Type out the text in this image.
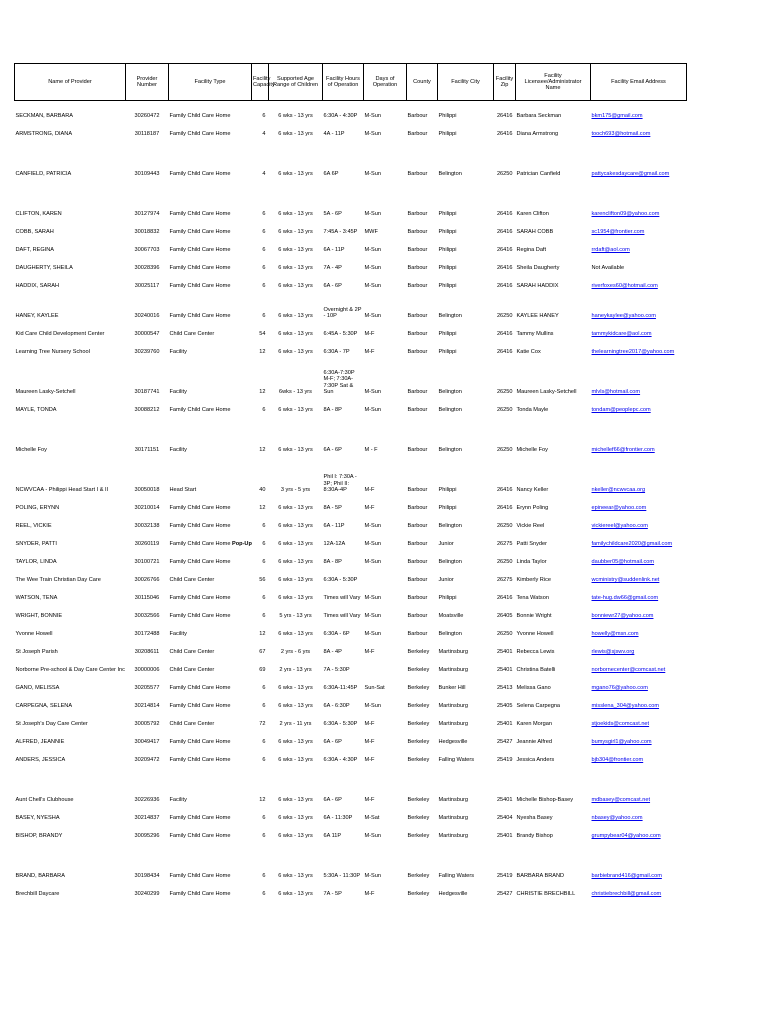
Name of Provider	Provider Number	Facility Type	Facility Capacity	Supported Age Range of Children	Facility Hours of Operation	Days of Operation	County	Facility City	Facility Zip	Facility Licensee/Administrator Name	Facility Email Address
SECKMAN, BARBARA	30260472	Family Child Care Home	6	6 wks - 13 yrs	6:30A - 4:30P	M-Sun	Barbour	Philippi	26416	Barbara Seckman	bkm175@gmail.com
ARMSTRONG, DIANA	30118187	Family Child Care Home	4	6 wks - 13 yrs	4A - 11P	M-Sun	Barbour	Philippi	26416	Diana Armstrong	tooch693@hotmail.com
CANFIELD, PATRICIA	30109443	Family Child Care Home	4	6 wks - 13 yrs	6A 6P	M-Sun	Barbour	Belington	26250	Patrician Canfield	pattycakesdaycare@gmail.com
CLIFTON, KAREN	30127974	Family Child Care Home	6	6 wks - 13 yrs	5A - 6P	M-Sun	Barbour	Philippi	26416	Karen Clifton	karenclifton09@yahoo.com
COBB, SARAH	30018832	Family Child Care Home	6	6 wks - 13 yrs	7:45A - 3:45P	MWF	Barbour	Philippi	26416	SARAH COBB	sc1954@frontier.com
DAFT, REGINA	30067703	Family Child Care Home	6	6 wks - 13 yrs	6A - 11P	M-Sun	Barbour	Philippi	26416	Regina Daft	rrdaft@aol.com
DAUGHERTY, SHEILA	30028396	Family Child Care Home	6	6 wks - 13 yrs	7A - 4P	M-Sun	Barbour	Philippi	26416	Sheila Daugherty	Not Available
HADDIX, SARAH	30025117	Family Child Care Home	6	6 wks - 13 yrs	6A - 6P	M-Sun	Barbour	Philippi	26416	SARAH HADDIX	riverfoxes60@hotmail.com
HANEY, KAYLEE	30240016	Family Child Care Home	6	6 wks - 13 yrs	Overnight & 2P - 10P	M-Sun	Barbour	Belington	26250	KAYLEE HANEY	haneykaylee@yahoo.com
Kid Care Child Development Center	30000547	Child Care Center	54	6 wks - 13 yrs	6:45A - 5:30P	M-F	Barbour	Philippi	26416	Tammy Mullins	tammykidcare@aol.com
Learning Tree Nursery School	30239760	Facility	12	6 wks - 13 yrs	6:30A - 7P	M-F	Barbour	Philippi	26416	Katie Cox	thelearningtree2017@yahoo.com
Maureen Lasky-Setchell	30187741	Facility	12	6wks - 13 yrs	6:30A-7:30P M-F; 7:30A-7:30P Sat & Sun	M-Sun	Barbour	Belington	26250	Maureen Lasky-Setchell	mlvls@hotmail.com
MAYLE, TONDA	30088212	Family Child Care Home	6	6 wks - 13 yrs	8A - 8P	M-Sun	Barbour	Belington	26250	Tonda Mayle	tondam@peoplepc.com
Michelle Foy	30171151	Facility	12	6 wks - 13 yrs	6A - 6P	M - F	Barbour	Belington	26250	Michelle Foy	michellef66@frontier.com
NCWVCAA - Philippi Head Start I & II	30050018	Head Start	40	3 yrs - 5 yrs	Phil I: 7:30A - 3P; Phil II: 8:30A-4P	M-F	Barbour	Philippi	26416	Nancy Keller	nkeller@ncwvcaa.org
POLING, ERYNN	30210014	Family Child Care Home	12	6 wks - 13 yrs	8A - 5P	M-F	Barbour	Philippi	26416	Erynn Poling	epineear@yahoo.com
REEL, VICKIE	30032138	Family Child Care Home	6	6 wks - 13 yrs	6A - 11P	M-Sun	Barbour	Belington	26250	Vickie Reel	vickiereel@yahoo.com
SNYDER, PATTI	30260119	Family Child Care Home Pop-Up	6	6 wks - 13 yrs	12A-12A	M-Sun	Barbour	Junior	26275	Patti Snyder	familychildcare2020@gmail.com
TAYLOR, LINDA	30100721	Family Child Care Home	6	6 wks - 13 yrs	8A - 8P	M-Sun	Barbour	Belington	26250	Linda Taylor	daubber05@hotmail.com
The Wee Train Christian Day Care	30026766	Child Care Center	56	6 wks - 13 yrs	6:30A - 5:30P		Barbour	Junior	26275	Kimberly Rice	wcministry@suddenlink.net
WATSON, TENA	30115046	Family Child Care Home	6	6 wks - 13 yrs	Times will Vary	M-Sun	Barbour	Philippi	26416	Tena Watson	tate-hug.dw66@gmail.com
WRIGHT, BONNIE	30032566	Family Child Care Home	6	5 yrs - 13 yrs	Times will Vary	M-Sun	Barbour	Moatsville	26405	Bonnie Wright	bonniewr27@yahoo.com
Yvonne Howell	30172488	Facility	12	6 wks - 13 yrs	6:30A - 6P	M-Sun	Barbour	Belington	26250	Yvonne Howell	howelly@msn.com
St Joseph Parish	30208611	Child Care Center	67	2 yrs - 6 yrs	8A - 4P	M-F	Berkeley	Martinsburg	25401	Rebecca Lewis	rlewis@sjswv.org
Norborne Pre-school & Day Care Center Inc	30000006	Child Care Center	69	2 yrs - 13 yrs	7A - 5:30P		Berkeley	Martinsburg	25401	Christina Batelli	norbornecenter@comcast.net
GANO, MELISSA	30205577	Family Child Care Home	6	6 wks - 13 yrs	6:30A-11:45P	Sun-Sat	Berkeley	Bunker Hill	25413	Melissa Gano	mgano76@yahoo.com
CARPEGNA, SELENA	30214814	Family Child Care Home	6	6 wks - 13 yrs	6A - 6:30P	M-Sun	Berkeley	Martinsburg	25405	Selena Carpegna	misslena_304@yahoo.com
St Joseph's Day Care Center	30005792	Child Care Center	72	2 yrs - 11 yrs	6:30A - 5:30P	M-F	Berkeley	Martinsburg	25401	Karen Morgan	stjoekids@comcast.net
ALFRED, JEANNIE	30049417	Family Child Care Home	6	6 wks - 13 yrs	6A - 6P	M-F	Berkeley	Hedgesville	25427	Jeannie Alfred	bumysgirl1@yahoo.com
ANDERS, JESSICA	30209472	Family Child Care Home	6	6 wks - 13 yrs	6:30A - 4:30P	M-F	Berkeley	Falling Waters	25419	Jessica Anders	bjb304@frontier.com
Aunt Chell's Clubhouse	30226936	Facility	12	6 wks - 13 yrs	6A - 6P	M-F	Berkeley	Martinsburg	25401	Michelle Bishop-Basey	mdbasey@comcast.net
BASEY, NYESHA	30214837	Family Child Care Home	6	6 wks - 13 yrs	6A - 11:30P	M-Sat	Berkeley	Martinsburg	25404	Nyesha Basey	nbasey@yahoo.com
BISHOP, BRANDY	30095296	Family Child Care Home	6	6 wks - 13 yrs	6A 11P	M-Sun	Berkeley	Martinsburg	25401	Brandy Bishop	grumpybear04@yahoo.com
BRAND, BARBARA	30198434	Family Child Care Home	6	6 wks - 13 yrs	5:30A - 11:30P	M-Sun	Berkeley	Falling Waters	25419	BARBARA BRAND	barbiebrand416@gmail.com
Brechbill Daycare	30240299	Family Child Care Home	6	6 wks - 13 yrs	7A - 5P	M-F	Berkeley	Hedgesville	25427	CHRISTIE BRECHBILL	christiebrechbill@gmail.com
